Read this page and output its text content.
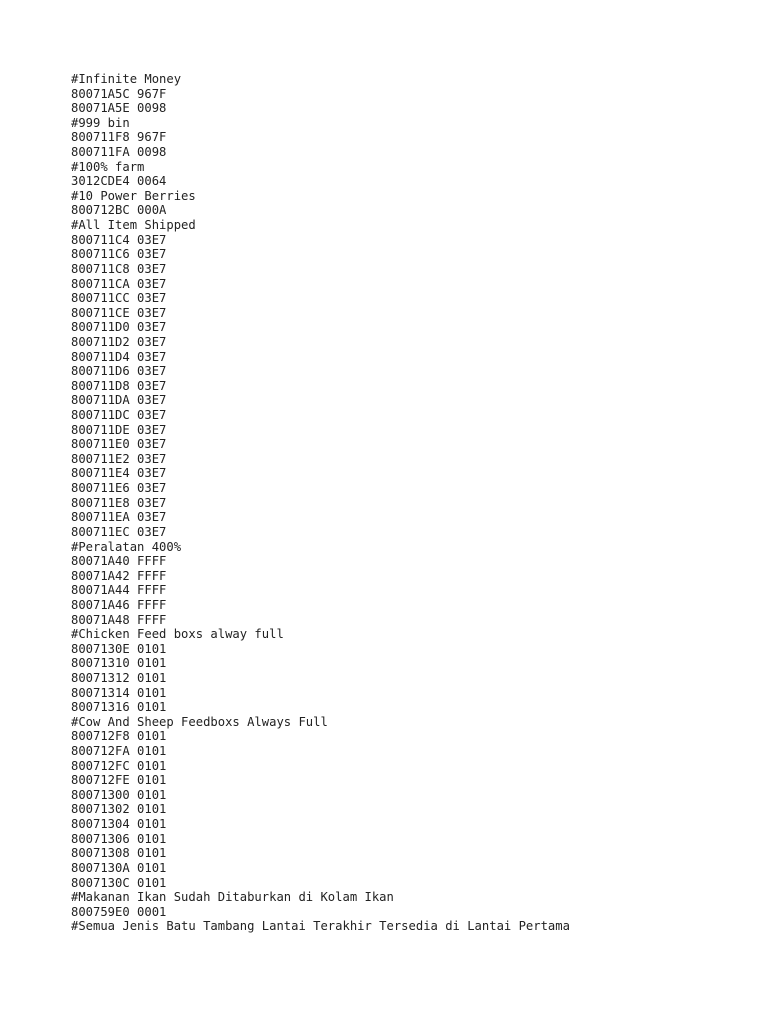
#Infinite Money
80071A5C 967F
80071A5E 0098
#999 bin
800711F8 967F
800711FA 0098
#100% farm
3012CDE4 0064
#10 Power Berries
800712BC 000A
#All Item Shipped
800711C4 03E7
800711C6 03E7
800711C8 03E7
800711CA 03E7
800711CC 03E7
800711CE 03E7
800711D0 03E7
800711D2 03E7
800711D4 03E7
800711D6 03E7
800711D8 03E7
800711DA 03E7
800711DC 03E7
800711DE 03E7
800711E0 03E7
800711E2 03E7
800711E4 03E7
800711E6 03E7
800711E8 03E7
800711EA 03E7
800711EC 03E7
#Peralatan 400%
80071A40 FFFF
80071A42 FFFF
80071A44 FFFF
80071A46 FFFF
80071A48 FFFF
#Chicken Feed boxs alway full
8007130E 0101
80071310 0101
80071312 0101
80071314 0101
80071316 0101
#Cow And Sheep Feedboxs Always Full
800712F8 0101
800712FA 0101
800712FC 0101
800712FE 0101
80071300 0101
80071302 0101
80071304 0101
80071306 0101
80071308 0101
8007130A 0101
8007130C 0101
#Makanan Ikan Sudah Ditaburkan di Kolam Ikan
800759E0 0001
#Semua Jenis Batu Tambang Lantai Terakhir Tersedia di Lantai Pertama
